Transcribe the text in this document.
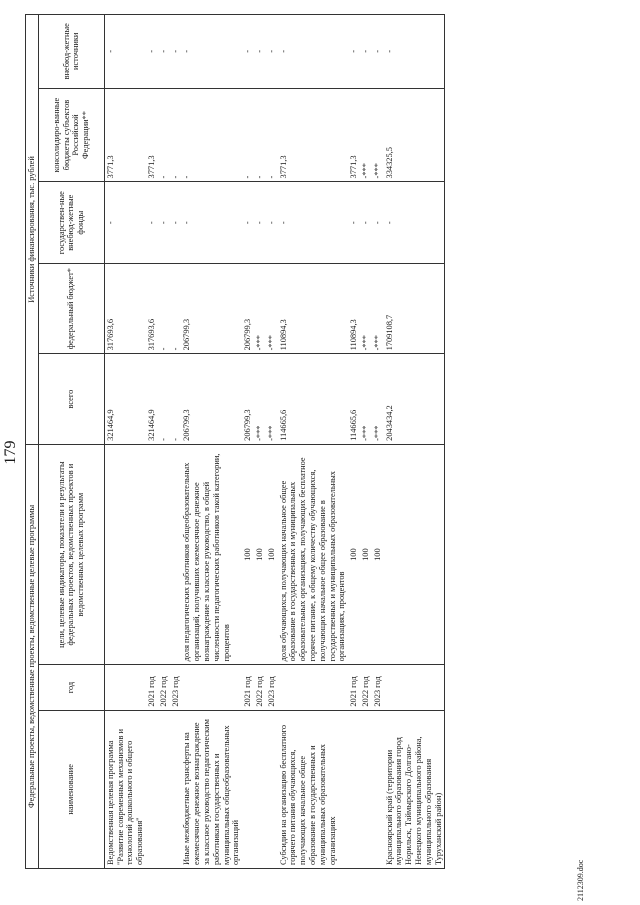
179
Федеральные проекты, ведомственные проекты, ведомственные целевые программы			Источники финансирования, тыс. рублей				
наименование	год	цели, целевые индикаторы, показатели и результаты федеральных проектов, ведомственных проектов и ведомственных целевых программ	всего	федеральный бюджет*	государствен-ные внебюд-жетные фонды	консолидиро-ванные бюджеты субъектов Российской Федерации**	внебюд-жетные источники
Ведомственная целевая программа "Развитие современных механизмов и технологий дошкольного и общего образования"			321464,9	317693,6	-	3771,3	-
	2021 год		321464,9	317693,6	-	3771,3	-
	2022 год		-	-	-	-	-
	2023 год		-	-	-	-	-
Иные межбюджетные трансферты на ежемесячное денежное вознаграждение за классное руководство педагогическим работникам государственных и муниципальных общеобразовательных организаций		доля педагогических работников общеобразовательных организаций, получивших ежемесячное денежное вознаграждение за классное руководство, в общей численности педагогических работников такой категории, процентов	206799,3	206799,3	-	-	-
	2021 год	100	206799,3	206799,3	-	-	-
	2022 год	100	-***	-***	-	-	-
	2023 год	100	-***	-***	-	-	-
Субсидии на организацию бесплатного горячего питания обучающихся, получающих начальное общее образование в государственных и муниципальных образовательных организациях		доля обучающихся, получающих начальное общее образование в государственных и муниципальных образовательных организациях, получающих бесплатное горячее питание, к общему количеству обучающихся, получающих начальное общее образование в государственных и муниципальных образовательных организациях, процентов	114665,6	110894,3	-	3771,3	-
	2021 год	100	114665,6	110894,3	-	3771,3	-
	2022 год	100	-***	-***	-	-***	-
	2023 год	100	-***	-***	-	-***	-
Красноярский край (территории муниципального образования город Норильск, Таймырского Долгано-Ненецкого муниципального района, муниципального образования Туруханский район)			2043434,2	1709108,7	-	334325,5	-
2112309.doc
